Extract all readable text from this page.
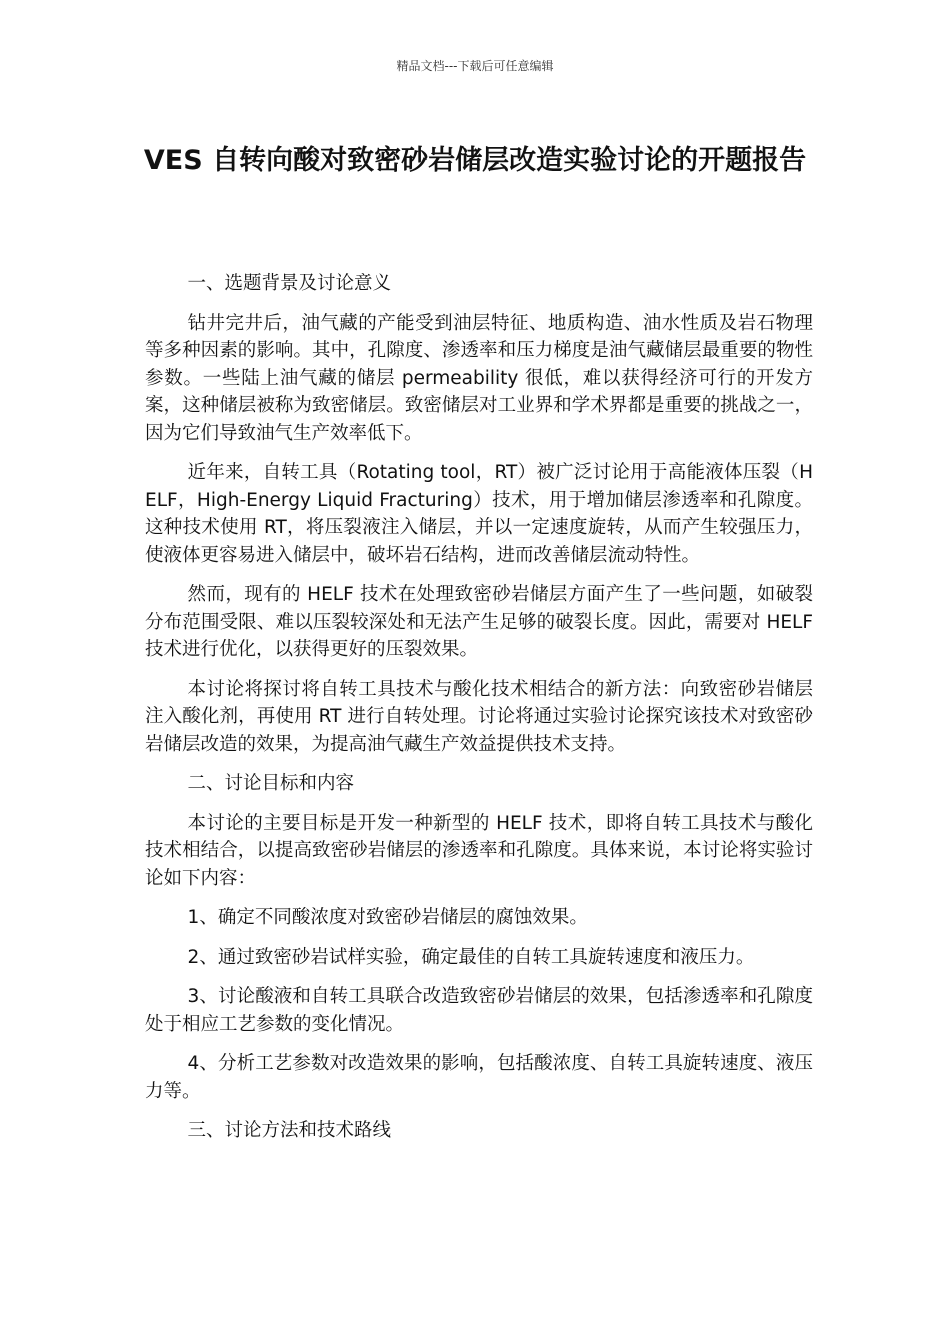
精品文档---下载后可任意编辑
VES 自转向酸对致密砂岩储层改造实验讨论的开题报告

一、选题背景及讨论意义

钻井完井后，油气藏的产能受到油层特征、地质构造、油水性质及岩石物理等多种因素的影响。其中，孔隙度、渗透率和压力梯度是油气藏储层最重要的物性参数。一些陆上油气藏的储层 permeability 很低，难以获得经济可行的开发方案，这种储层被称为致密储层。致密储层对工业界和学术界都是重要的挑战之一，因为它们导致油气生产效率低下。

近年来，自转工具（Rotating tool，RT）被广泛讨论用于高能液体压裂（HELF，High-Energy Liquid Fracturing）技术，用于增加储层渗透率和孔隙度。这种技术使用 RT，将压裂液注入储层，并以一定速度旋转，从而产生较强压力，使液体更容易进入储层中，破坏岩石结构，进而改善储层流动特性。

然而，现有的 HELF 技术在处理致密砂岩储层方面产生了一些问题，如破裂分布范围受限、难以压裂较深处和无法产生足够的破裂长度。因此，需要对 HELF 技术进行优化，以获得更好的压裂效果。

本讨论将探讨将自转工具技术与酸化技术相结合的新方法：向致密砂岩储层注入酸化剂，再使用 RT 进行自转处理。讨论将通过实验讨论探究该技术对致密砂岩储层改造的效果，为提高油气藏生产效益提供技术支持。

二、讨论目标和内容

本讨论的主要目标是开发一种新型的 HELF 技术，即将自转工具技术与酸化技术相结合，以提高致密砂岩储层的渗透率和孔隙度。具体来说，本讨论将实验讨论如下内容：

1、确定不同酸浓度对致密砂岩储层的腐蚀效果。

2、通过致密砂岩试样实验，确定最佳的自转工具旋转速度和液压力。

3、讨论酸液和自转工具联合改造致密砂岩储层的效果，包括渗透率和孔隙度处于相应工艺参数的变化情况。

4、分析工艺参数对改造效果的影响，包括酸浓度、自转工具旋转速度、液压力等。

三、讨论方法和技术路线
